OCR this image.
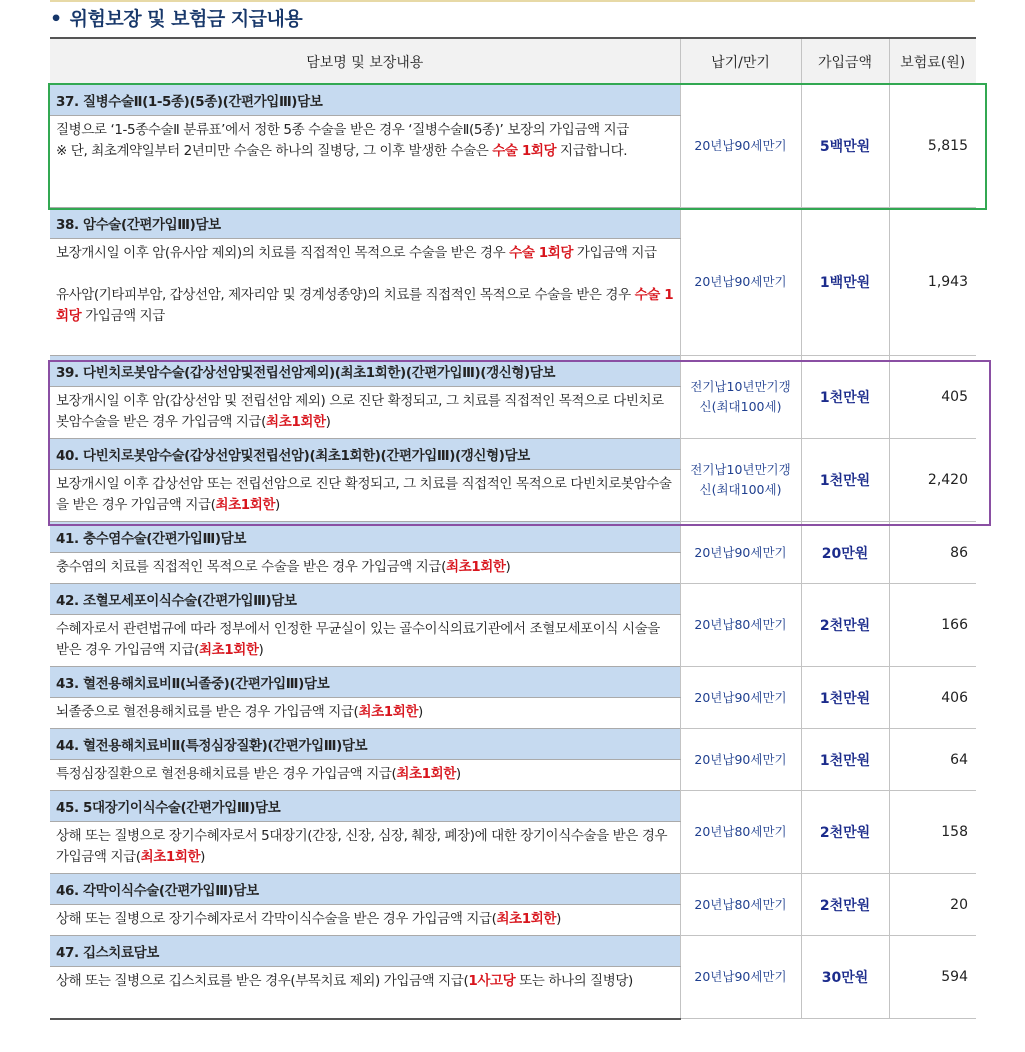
• 위험보장 및 보험금 지급내용
담보명 및 보장내용	납기/만기	가입금액	보험료(원)
37. 질병수술Ⅱ(1-5종)(5종)(간편가입Ⅲ)담보	20년납90세만기	5백만원	5,815

질병으로 ‘1-5종수술Ⅱ 분류표’에서 정한 5종 수술을 받은 경우 ‘질병수술Ⅱ(5종)’ 보장의 가입금액 지급
※ 단, 최초계약일부터 2년미만 수술은 하나의 질병당, 그 이후 발생한 수술은 수술 1회당 지급합니다.			

38. 암수술(간편가입Ⅲ)담보	20년납90세만기	1백만원	1,943

보장개시일 이후 암(유사암 제외)의 치료를 직접적인 목적으로 수술을 받은 경우 수술 1회당 가입금액 지급
유사암(기타피부암, 갑상선암, 제자리암 및 경계성종양)의 치료를 직접적인 목적으로 수술을 받은 경우 수술 1회당 가입금액 지급			

39. 다빈치로봇암수술(갑상선암및전립선암제외)(최초1회한)(간편가입Ⅲ)(갱신형)담보	전기납10년만기갱신(최대100세)	1천만원	405
보장개시일 이후 암(갑상선암 및 전립선암 제외) 으로 진단 확정되고, 그 치료를 직접적인 목적으로 다빈치로봇암수술을 받은 경우 가입금액 지급(최초1회한)			
40. 다빈치로봇암수술(갑상선암및전립선암)(최초1회한)(간편가입Ⅲ)(갱신형)담보	전기납10년만기갱신(최대100세)	1천만원	2,420
보장개시일 이후 갑상선암 또는 전립선암으로 진단 확정되고, 그 치료를 직접적인 목적으로 다빈치로봇암수술을 받은 경우 가입금액 지급(최초1회한)			
41. 충수염수술(간편가입Ⅲ)담보	20년납90세만기	20만원	86
충수염의 치료를 직접적인 목적으로 수술을 받은 경우 가입금액 지급(최초1회한)			
42. 조혈모세포이식수술(간편가입Ⅲ)담보	20년납80세만기	2천만원	166
수혜자로서 관련법규에 따라 정부에서 인정한 무균실이 있는 골수이식의료기관에서 조혈모세포이식 시술을 받은 경우 가입금액 지급(최초1회한)			
43. 혈전용해치료비Ⅱ(뇌졸중)(간편가입Ⅲ)담보	20년납90세만기	1천만원	406
뇌졸중으로 혈전용해치료를 받은 경우 가입금액 지급(최초1회한)			
44. 혈전용해치료비Ⅱ(특정심장질환)(간편가입Ⅲ)담보	20년납90세만기	1천만원	64
특정심장질환으로 혈전용해치료를 받은 경우 가입금액 지급(최초1회한)			
45. 5대장기이식수술(간편가입Ⅲ)담보	20년납80세만기	2천만원	158
상해 또는 질병으로 장기수혜자로서 5대장기(간장, 신장, 심장, 췌장, 폐장)에 대한 장기이식수술을 받은 경우 가입금액 지급(최초1회한)			
46. 각막이식수술(간편가입Ⅲ)담보	20년납80세만기	2천만원	20
상해 또는 질병으로 장기수혜자로서 각막이식수술을 받은 경우 가입금액 지급(최초1회한)			
47. 깁스치료담보	20년납90세만기	30만원	594
상해 또는 질병으로 깁스치료를 받은 경우(부목치료 제외) 가입금액 지급(1사고당 또는 하나의 질병당)			
